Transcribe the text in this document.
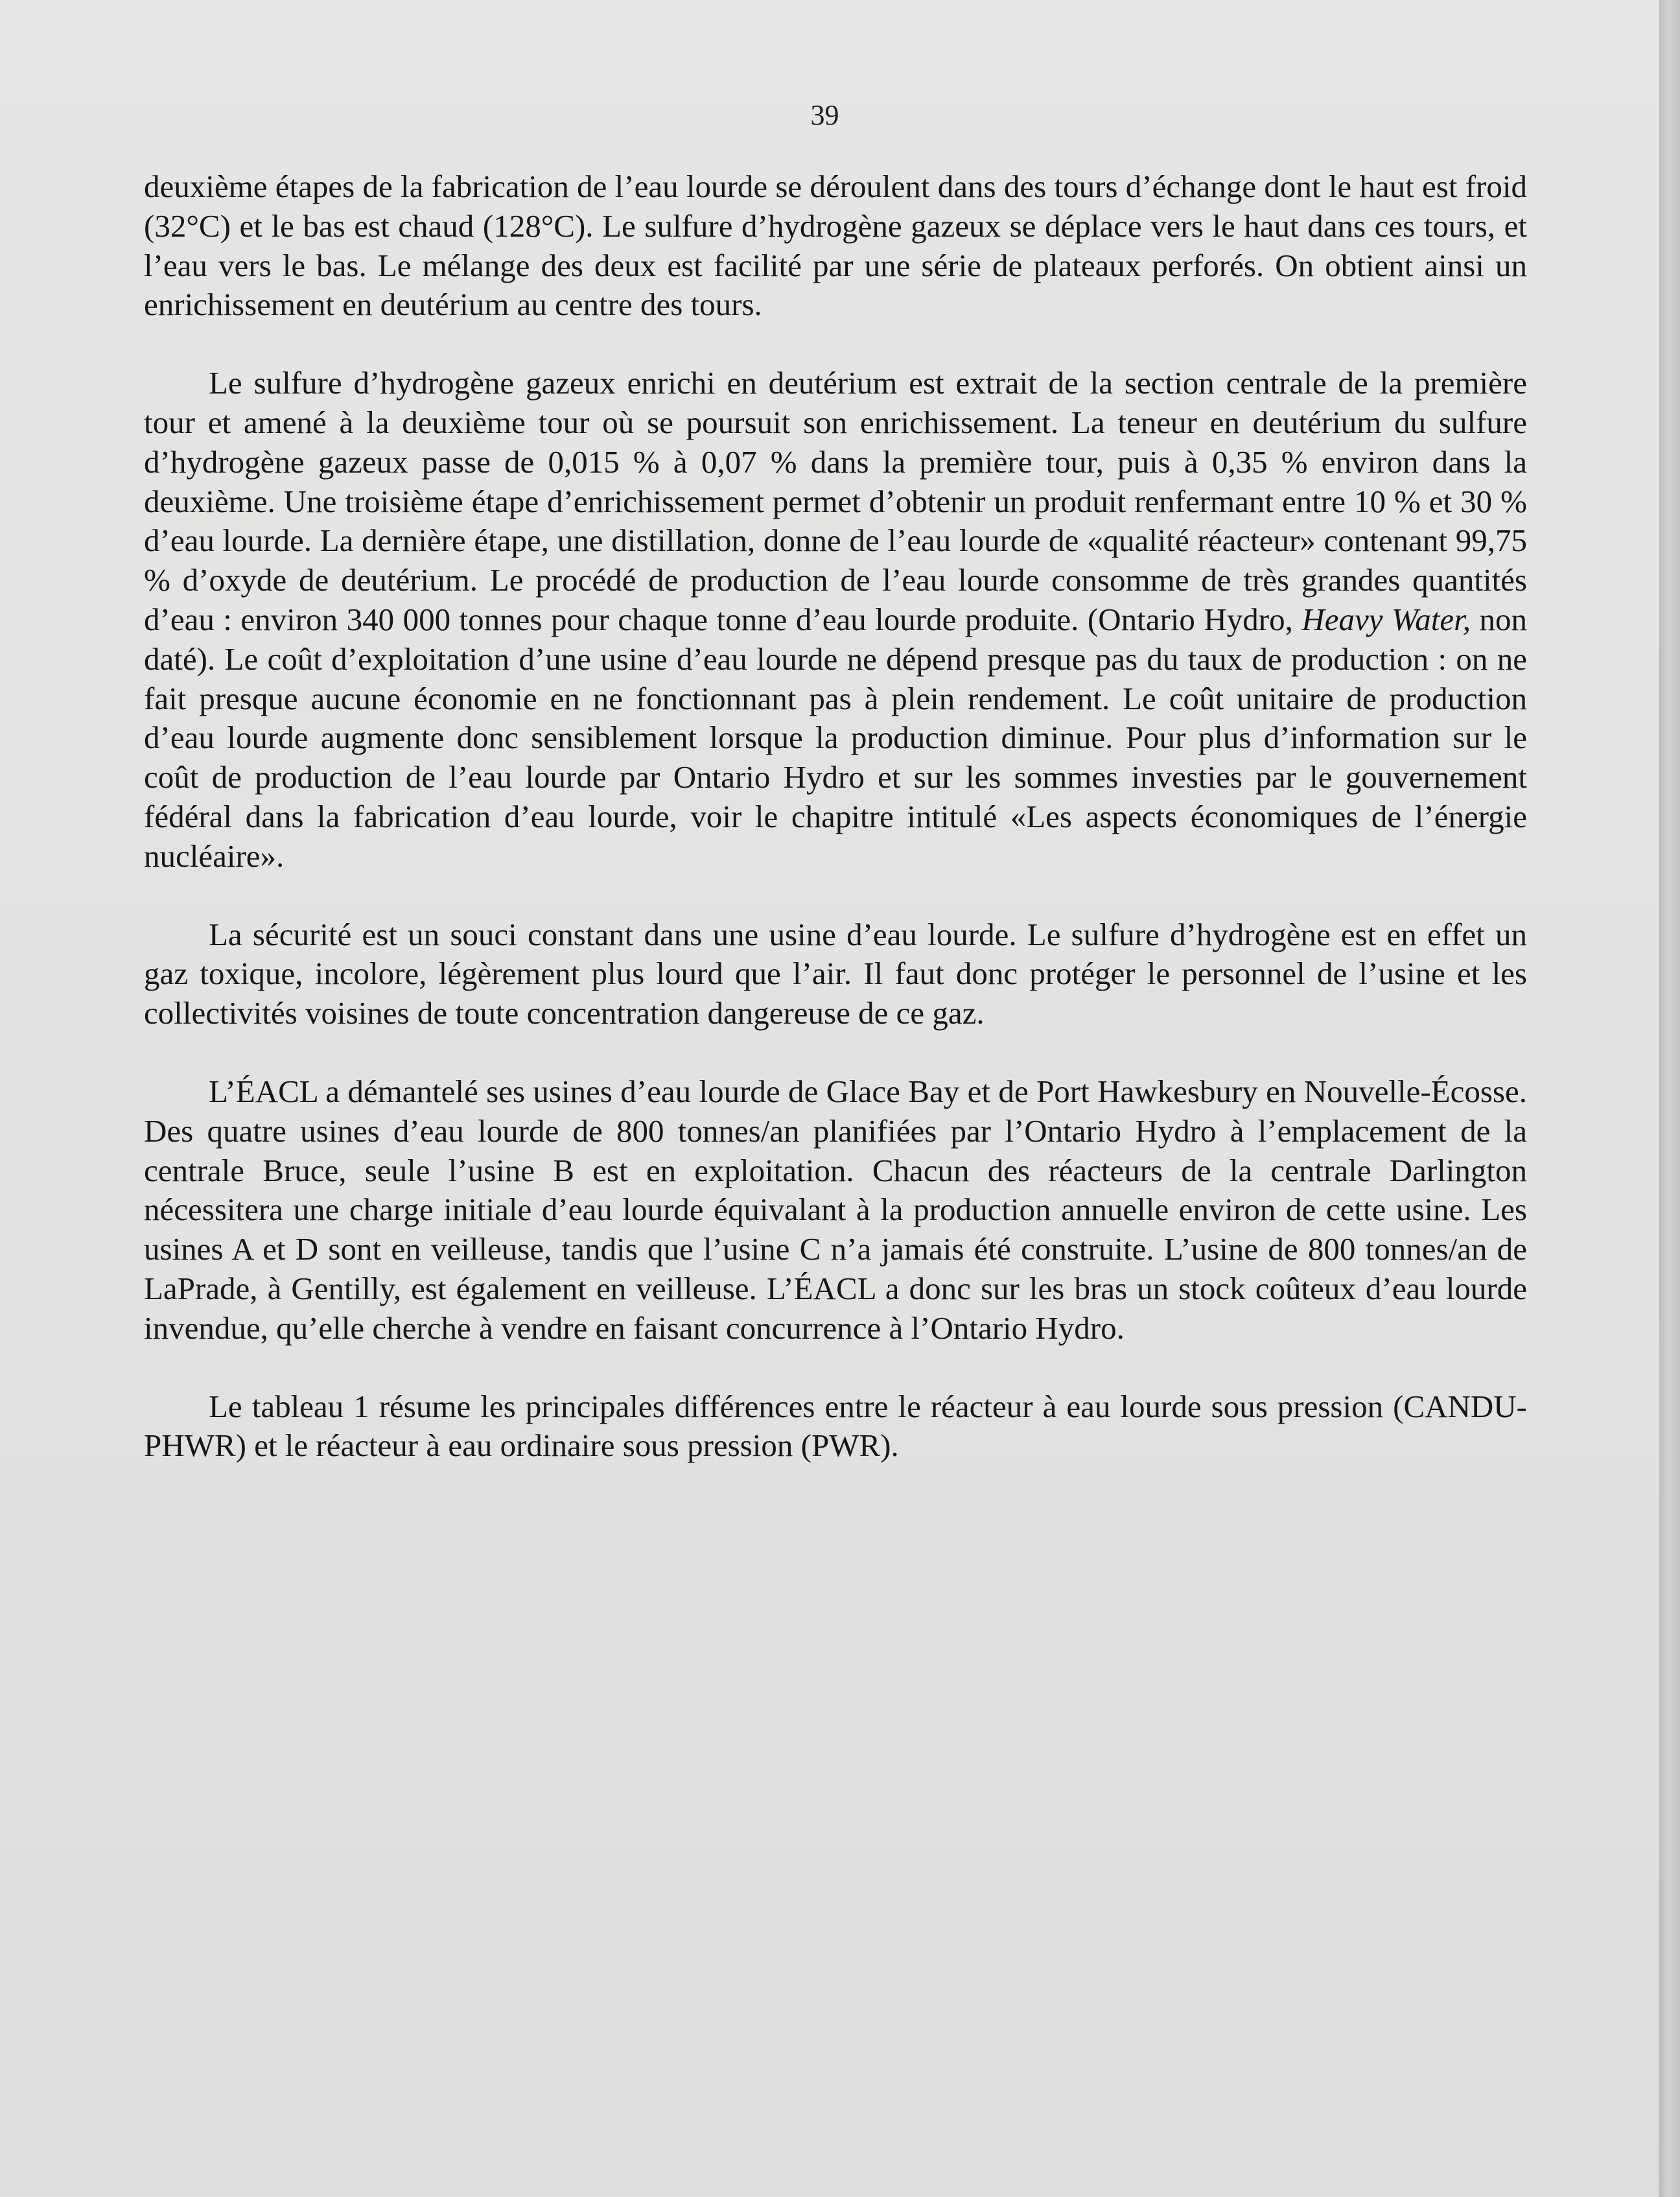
39

deuxième étapes de la fabrication de l’eau lourde se déroulent dans des tours d’échange dont le haut est froid (32°C) et le bas est chaud (128°C). Le sulfure d’hydrogène gazeux se déplace vers le haut dans ces tours, et l’eau vers le bas. Le mélange des deux est facilité par une série de plateaux perforés. On obtient ainsi un enrichissement en deutérium au centre des tours.

Le sulfure d’hydrogène gazeux enrichi en deutérium est extrait de la section centrale de la première tour et amené à la deuxième tour où se poursuit son enrichissement. La teneur en deutérium du sulfure d’hydrogène gazeux passe de 0,015 % à 0,07 % dans la première tour, puis à 0,35 % environ dans la deuxième. Une troisième étape d’enrichissement permet d’obtenir un produit renfermant entre 10 % et 30 % d’eau lourde. La dernière étape, une distillation, donne de l’eau lourde de «qualité réacteur» contenant 99,75 % d’oxyde de deutérium. Le procédé de production de l’eau lourde consomme de très grandes quantités d’eau : environ 340 000 tonnes pour chaque tonne d’eau lourde produite. (Ontario Hydro, Heavy Water, non daté). Le coût d’exploitation d’une usine d’eau lourde ne dépend presque pas du taux de production : on ne fait presque aucune économie en ne fonctionnant pas à plein rendement. Le coût unitaire de production d’eau lourde augmente donc sensiblement lorsque la production diminue. Pour plus d’information sur le coût de production de l’eau lourde par Ontario Hydro et sur les sommes investies par le gouvernement fédéral dans la fabrication d’eau lourde, voir le chapitre intitulé «Les aspects économiques de l’énergie nucléaire».

La sécurité est un souci constant dans une usine d’eau lourde. Le sulfure d’hydrogène est en effet un gaz toxique, incolore, légèrement plus lourd que l’air. Il faut donc protéger le personnel de l’usine et les collectivités voisines de toute concentration dangereuse de ce gaz.

L’ÉACL a démantelé ses usines d’eau lourde de Glace Bay et de Port Hawkesbury en Nouvelle-Écosse. Des quatre usines d’eau lourde de 800 tonnes/an planifiées par l’Ontario Hydro à l’emplacement de la centrale Bruce, seule l’usine B est en exploitation. Chacun des réacteurs de la centrale Darlington nécessitera une charge initiale d’eau lourde équivalant à la production annuelle environ de cette usine. Les usines A et D sont en veilleuse, tandis que l’usine C n’a jamais été construite. L’usine de 800 tonnes/an de LaPrade, à Gentilly, est également en veilleuse. L’ÉACL a donc sur les bras un stock coûteux d’eau lourde invendue, qu’elle cherche à vendre en faisant concurrence à l’Ontario Hydro.

Le tableau 1 résume les principales différences entre le réacteur à eau lourde sous pression (CANDU-PHWR) et le réacteur à eau ordinaire sous pression (PWR).
